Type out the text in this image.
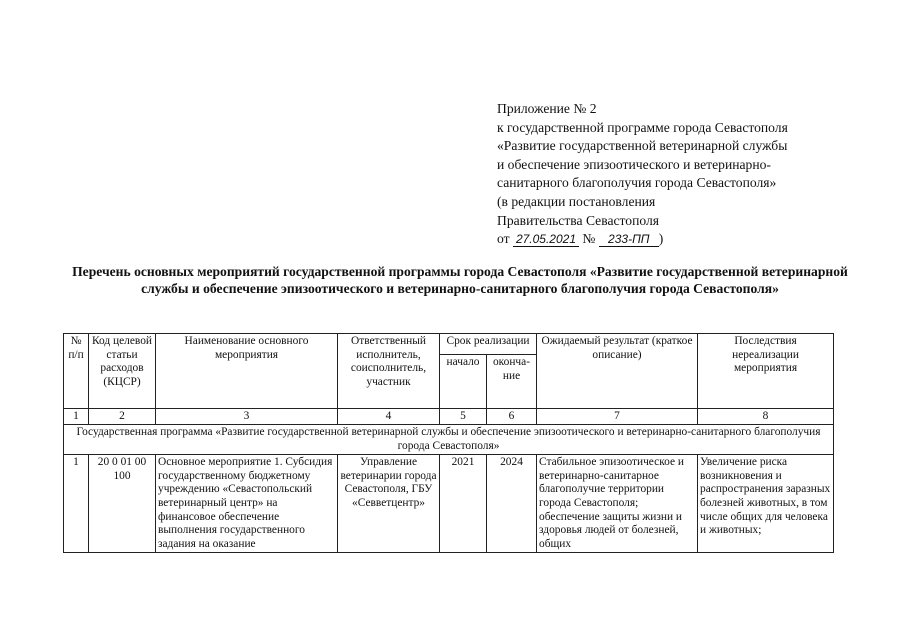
Приложение № 2
к государственной программе города Севастополя
«Развитие государственной ветеринарной службы
и обеспечение эпизоотического и ветеринарно-
санитарного благополучия города Севастополя»
(в редакции постановления
Правительства Севастополя
от 27.05.2021 № 233-ПП )
Перечень основных мероприятий государственной программы города Севастополя «Развитие государственной ветеринарной службы и обеспечение эпизоотического и ветеринарно-санитарного благополучия города Севастополя»
№ п/п	Код целевой статьи расходов (КЦСР)	Наименование основного мероприятия	Ответственный исполнитель, соисполнитель, участник	Срок реализации		Ожидаемый результат (краткое описание)	Последствия нереализации мероприятия
				начало	оконча-ние		
1	2	3	4	5	6	7	8
Государственная программа «Развитие государственной ветеринарной службы и обеспечение эпизоотического и ветеринарно-санитарного благополучия города Севастополя»							
1	20 0 01 00 100	Основное мероприятие 1. Субсидия государственному бюджетному учреждению «Севастопольский ветеринарный центр» на финансовое обеспечение выполнения государственного задания на оказание	Управление ветеринарии города Севастополя, ГБУ «Севветцентр»	2021	2024	Стабильное эпизоотическое и ветеринарно-санитарное благополучие территории города Севастополя; обеспечение защиты жизни и здоровья людей от болезней, общих	Увеличение риска возникновения и распространения заразных болезней животных, в том числе общих для человека и животных;
